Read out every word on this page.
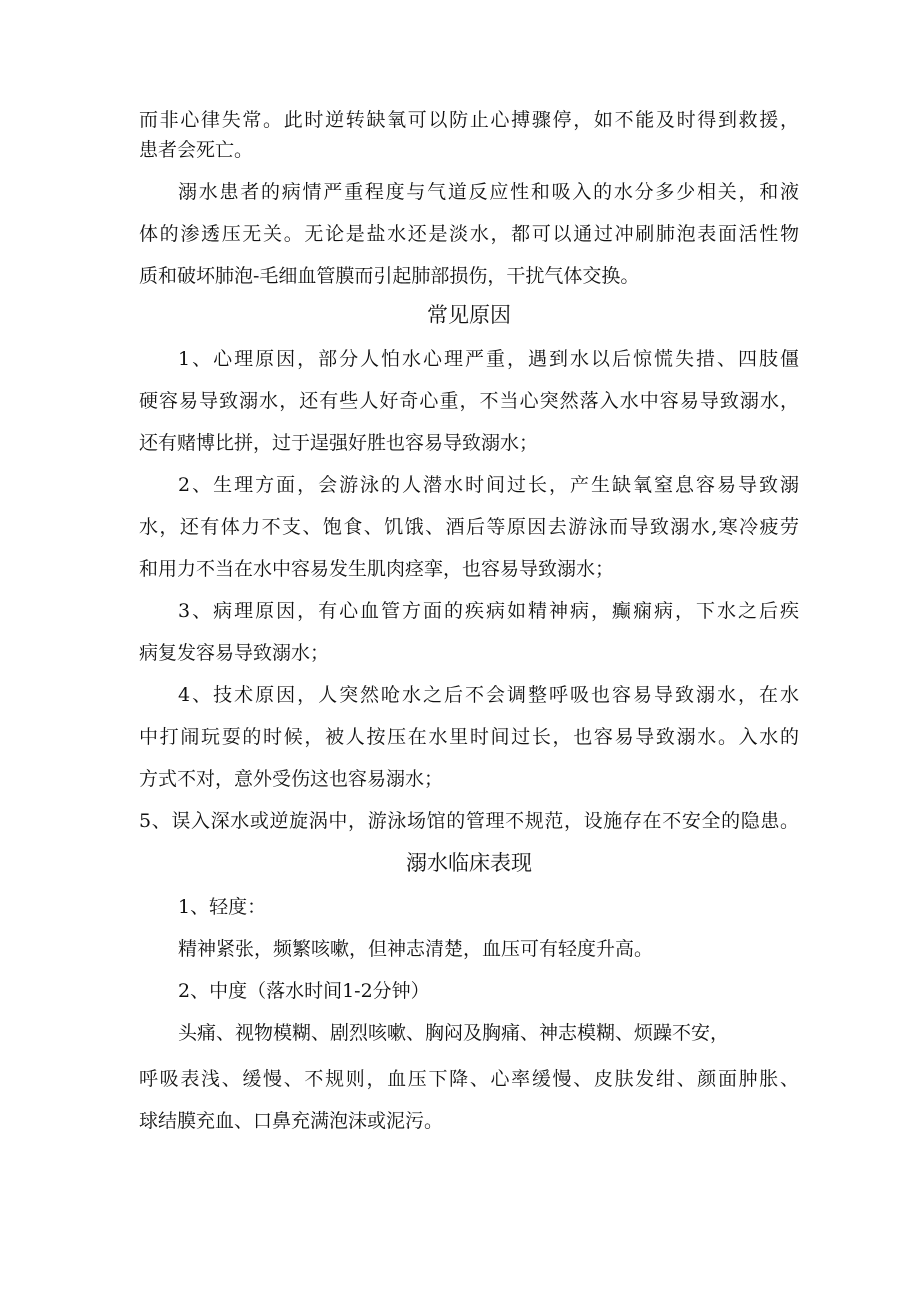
而非心律失常。此时逆转缺氧可以防止心搏骤停，如不能及时得到救援，
患者会死亡。
溺水患者的病情严重程度与气道反应性和吸入的水分多少相关，和液
体的渗透压无关。无论是盐水还是淡水，都可以通过冲刷肺泡表面活性物
质和破坏肺泡-毛细血管膜而引起肺部损伤，干扰气体交换。
常见原因
1、心理原因，部分人怕水心理严重，遇到水以后惊慌失措、四肢僵
硬容易导致溺水，还有些人好奇心重，不当心突然落入水中容易导致溺水，
还有赌博比拼，过于逞强好胜也容易导致溺水；
2、生理方面，会游泳的人潜水时间过长，产生缺氧窒息容易导致溺
水，还有体力不支、饱食、饥饿、酒后等原因去游泳而导致溺水,寒冷疲劳
和用力不当在水中容易发生肌肉痉挛，也容易导致溺水；
3、病理原因，有心血管方面的疾病如精神病，癫痫病，下水之后疾
病复发容易导致溺水；
4、技术原因，人突然呛水之后不会调整呼吸也容易导致溺水，在水
中打闹玩耍的时候，被人按压在水里时间过长，也容易导致溺水。入水的
方式不对，意外受伤这也容易溺水；
5、误入深水或逆旋涡中，游泳场馆的管理不规范，设施存在不安全的隐患。
溺水临床表现
1、轻度：
精神紧张，频繁咳嗽，但神志清楚，血压可有轻度升高。
2、中度（落水时间1-2分钟）
头痛、视物模糊、剧烈咳嗽、胸闷及胸痛、神志模糊、烦躁不安，
呼吸表浅、缓慢、不规则，血压下降、心率缓慢、皮肤发绀、颜面肿胀、
球结膜充血、口鼻充满泡沫或泥污。
